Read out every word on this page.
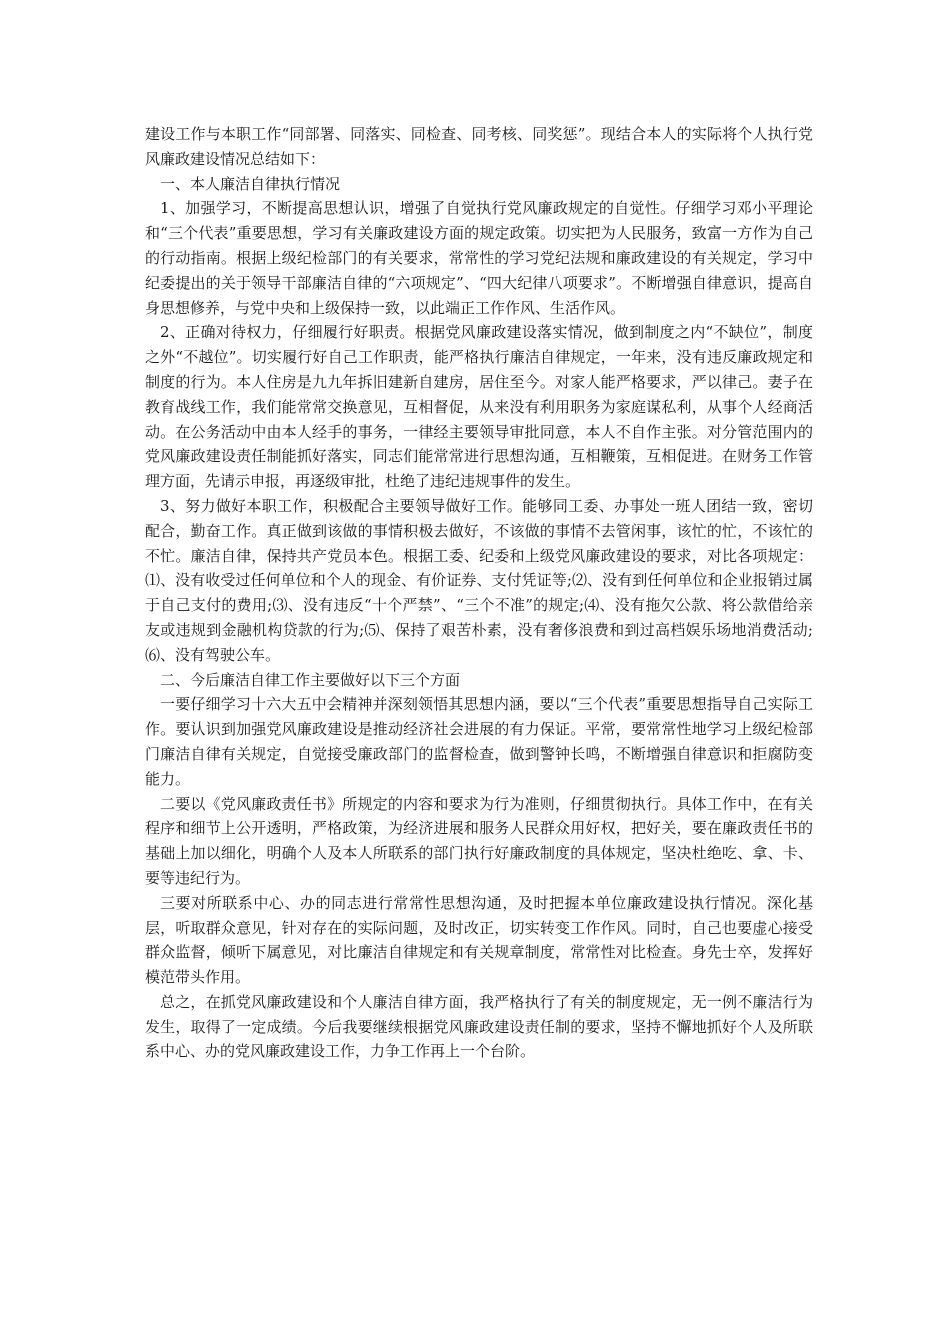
建设工作与本职工作“同部署、同落实、同检查、同考核、同奖惩”。现结合本人的实际将个人执行党风廉政建设情况总结如下：

一、本人廉洁自律执行情况

1、加强学习，不断提高思想认识，增强了自觉执行党风廉政规定的自觉性。仔细学习邓小平理论和“三个代表”重要思想，学习有关廉政建设方面的规定政策。切实把为人民服务，致富一方作为自己的行动指南。根据上级纪检部门的有关要求，常常性的学习党纪法规和廉政建设的有关规定，学习中纪委提出的关于领导干部廉洁自律的“六项规定”、“四大纪律八项要求”。不断增强自律意识，提高自身思想修养，与党中央和上级保持一致，以此端正工作作风、生活作风。

2、正确对待权力，仔细履行好职责。根据党风廉政建设落实情况，做到制度之内“不缺位”，制度之外“不越位”。切实履行好自己工作职责，能严格执行廉洁自律规定，一年来，没有违反廉政规定和制度的行为。本人住房是九九年拆旧建新自建房，居住至今。对家人能严格要求，严以律己。妻子在教育战线工作，我们能常常交换意见，互相督促，从来没有利用职务为家庭谋私利，从事个人经商活动。在公务活动中由本人经手的事务，一律经主要领导审批同意，本人不自作主张。对分管范围内的党风廉政建设责任制能抓好落实，同志们能常常进行思想沟通，互相鞭策，互相促进。在财务工作管理方面，先请示申报，再逐级审批，杜绝了违纪违规事件的发生。

3、努力做好本职工作，积极配合主要领导做好工作。能够同工委、办事处一班人团结一致，密切配合，勤奋工作。真正做到该做的事情积极去做好，不该做的事情不去管闲事，该忙的忙，不该忙的不忙。廉洁自律，保持共产党员本色。根据工委、纪委和上级党风廉政建设的要求，对比各项规定：⑴、没有收受过任何单位和个人的现金、有价证券、支付凭证等;⑵、没有到任何单位和企业报销过属于自己支付的费用;⑶、没有违反“十个严禁”、“三个不准”的规定;⑷、没有拖欠公款、将公款借给亲友或违规到金融机构贷款的行为;⑸、保持了艰苦朴素，没有奢侈浪费和到过高档娱乐场地消费活动;⑹、没有驾驶公车。

二、今后廉洁自律工作主要做好以下三个方面

一要仔细学习十六大五中会精神并深刻领悟其思想内涵，要以“三个代表”重要思想指导自己实际工作。要认识到加强党风廉政建设是推动经济社会进展的有力保证。平常，要常常性地学习上级纪检部门廉洁自律有关规定，自觉接受廉政部门的监督检查，做到警钟长鸣，不断增强自律意识和拒腐防变能力。

二要以《党风廉政责任书》所规定的内容和要求为行为准则，仔细贯彻执行。具体工作中，在有关程序和细节上公开透明，严格政策，为经济进展和服务人民群众用好权，把好关，要在廉政责任书的基础上加以细化，明确个人及本人所联系的部门执行好廉政制度的具体规定，坚决杜绝吃、拿、卡、要等违纪行为。

三要对所联系中心、办的同志进行常常性思想沟通，及时把握本单位廉政建设执行情况。深化基层，听取群众意见，针对存在的实际问题，及时改正，切实转变工作作风。同时，自己也要虚心接受群众监督，倾听下属意见，对比廉洁自律规定和有关规章制度，常常性对比检查。身先士卒，发挥好模范带头作用。

总之，在抓党风廉政建设和个人廉洁自律方面，我严格执行了有关的制度规定，无一例不廉洁行为发生，取得了一定成绩。今后我要继续根据党风廉政建设责任制的要求，坚持不懈地抓好个人及所联系中心、办的党风廉政建设工作，力争工作再上一个台阶。
